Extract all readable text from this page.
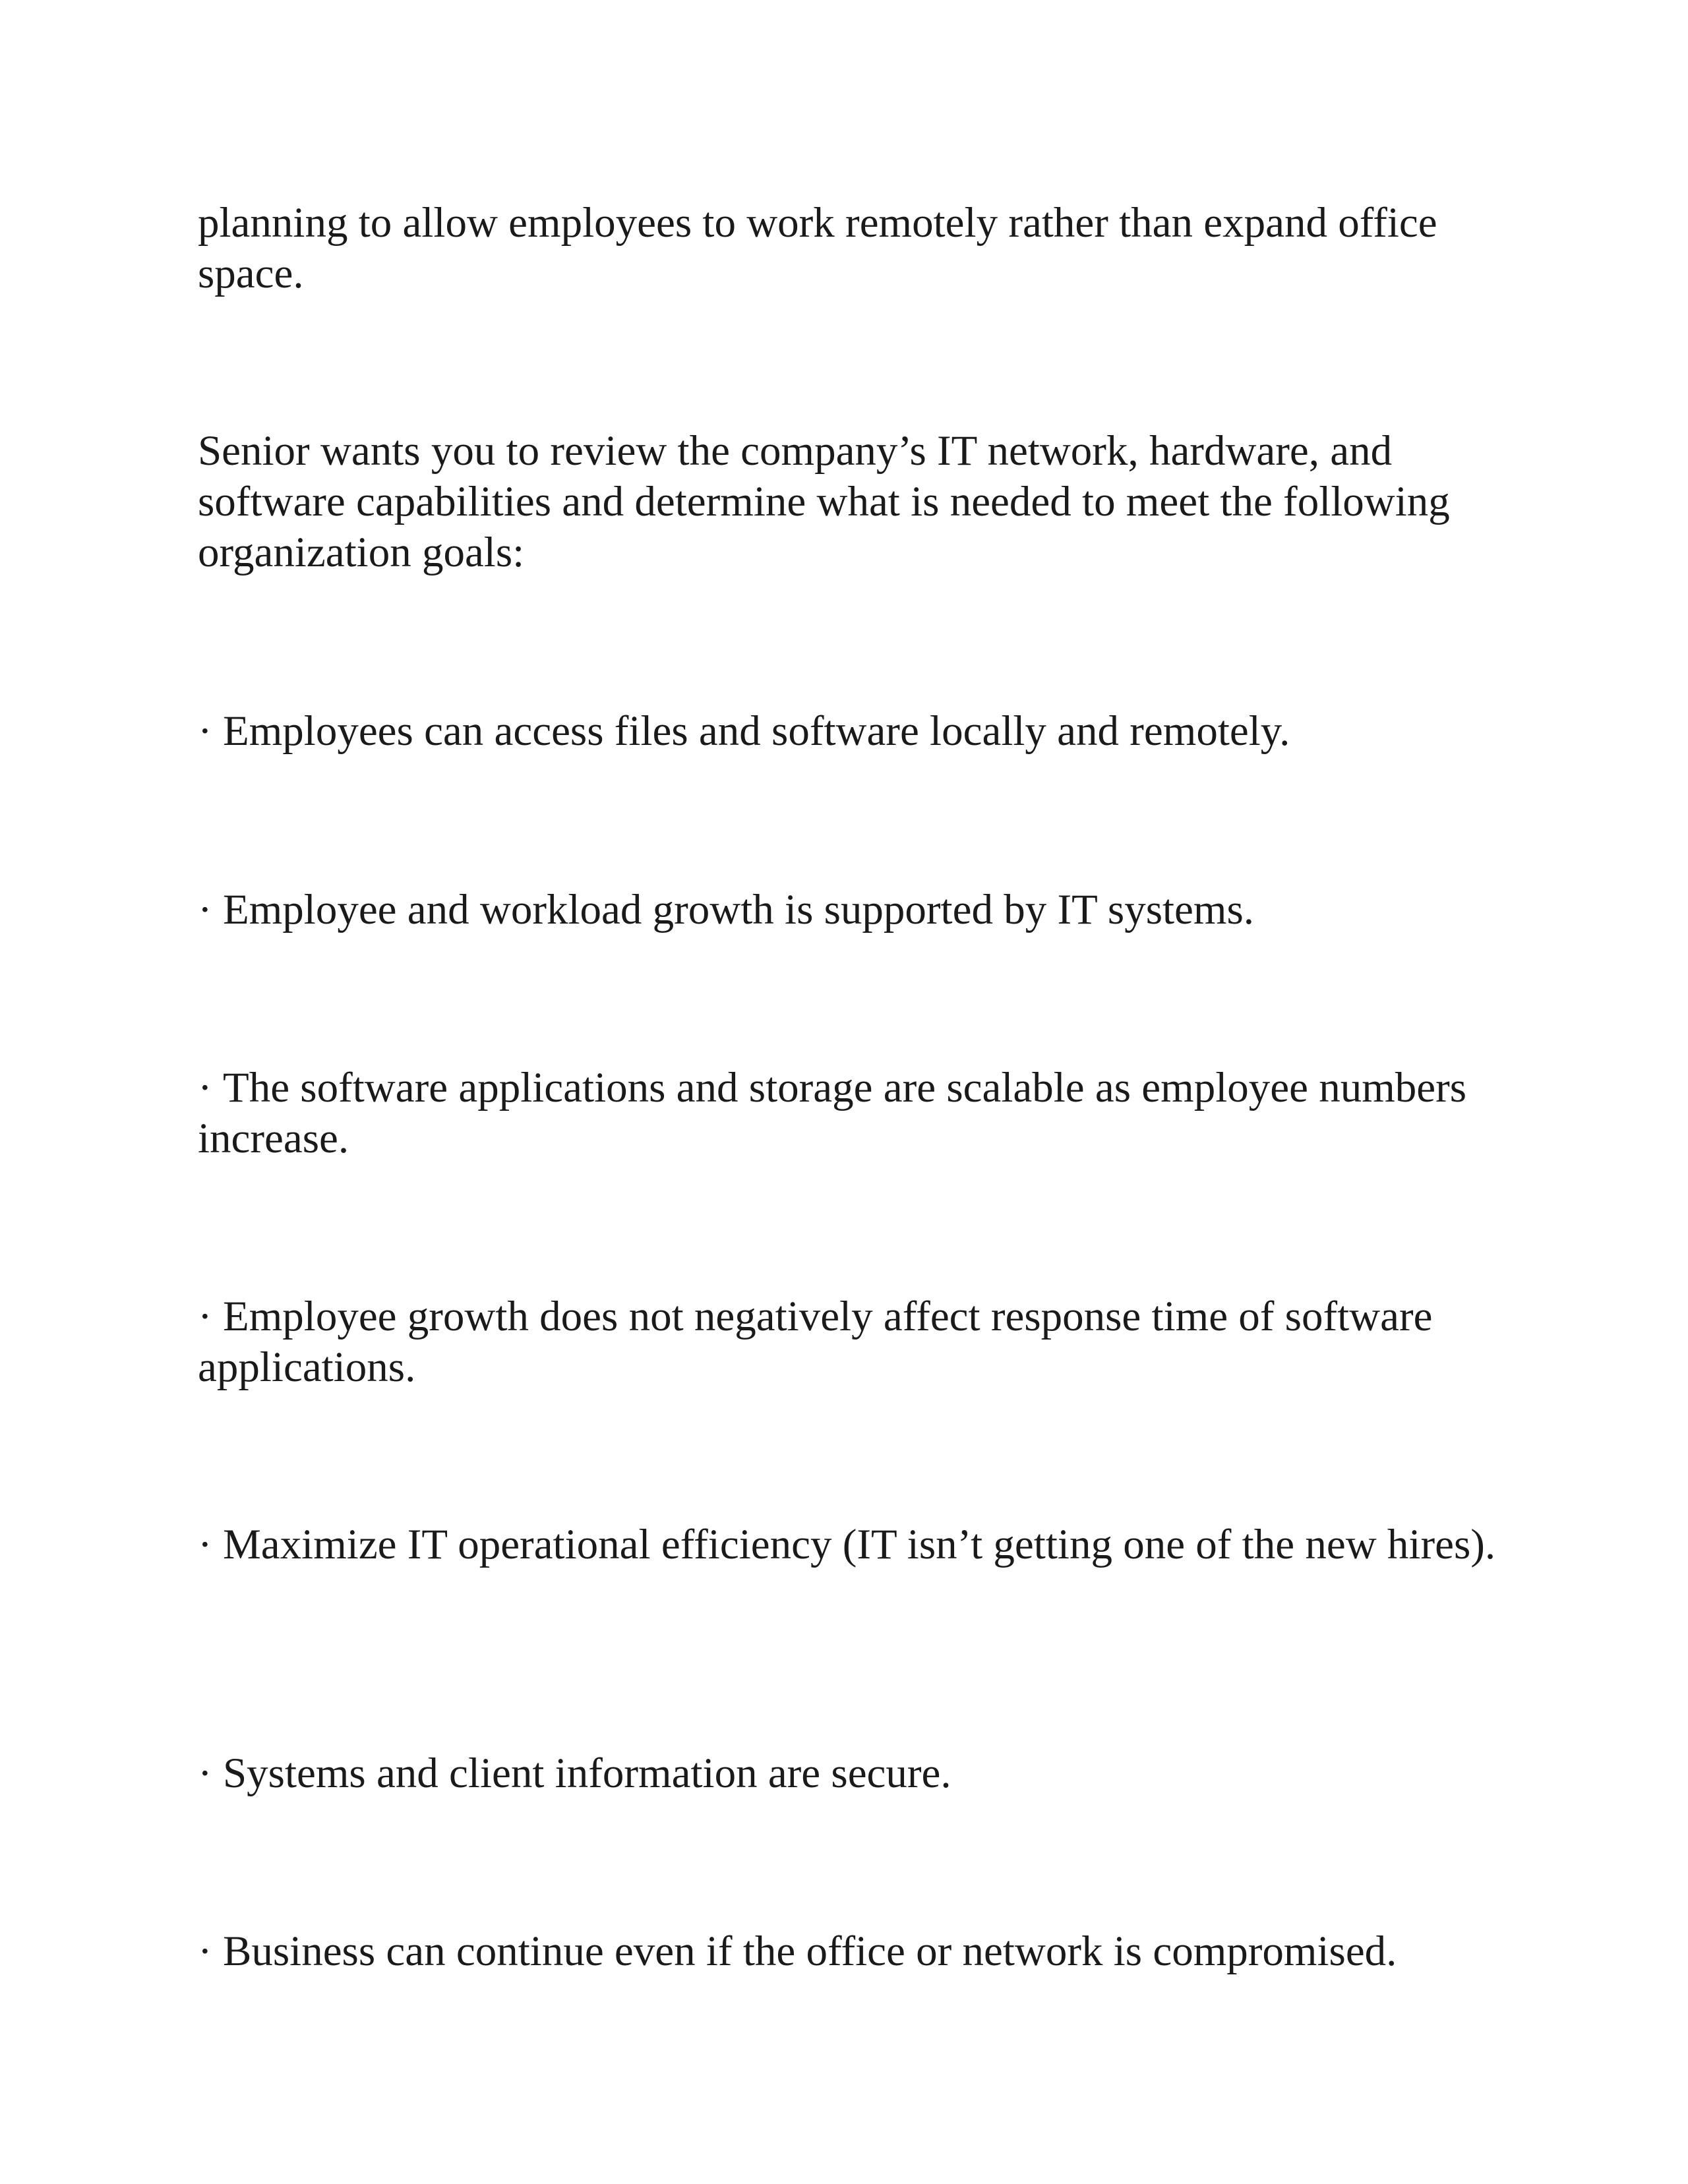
planning to allow employees to work remotely rather than expand office space.

Senior wants you to review the company’s IT network, hardware, and software capabilities and determine what is needed to meet the following organization goals:

· Employees can access files and software locally and remotely.

· Employee and workload growth is supported by IT systems.

· The software applications and storage are scalable as employee numbers increase.

· Employee growth does not negatively affect response time of software applications.

· Maximize IT operational efficiency (IT isn’t getting one of the new hires).

· Systems and client information are secure.

· Business can continue even if the office or network is compromised.
